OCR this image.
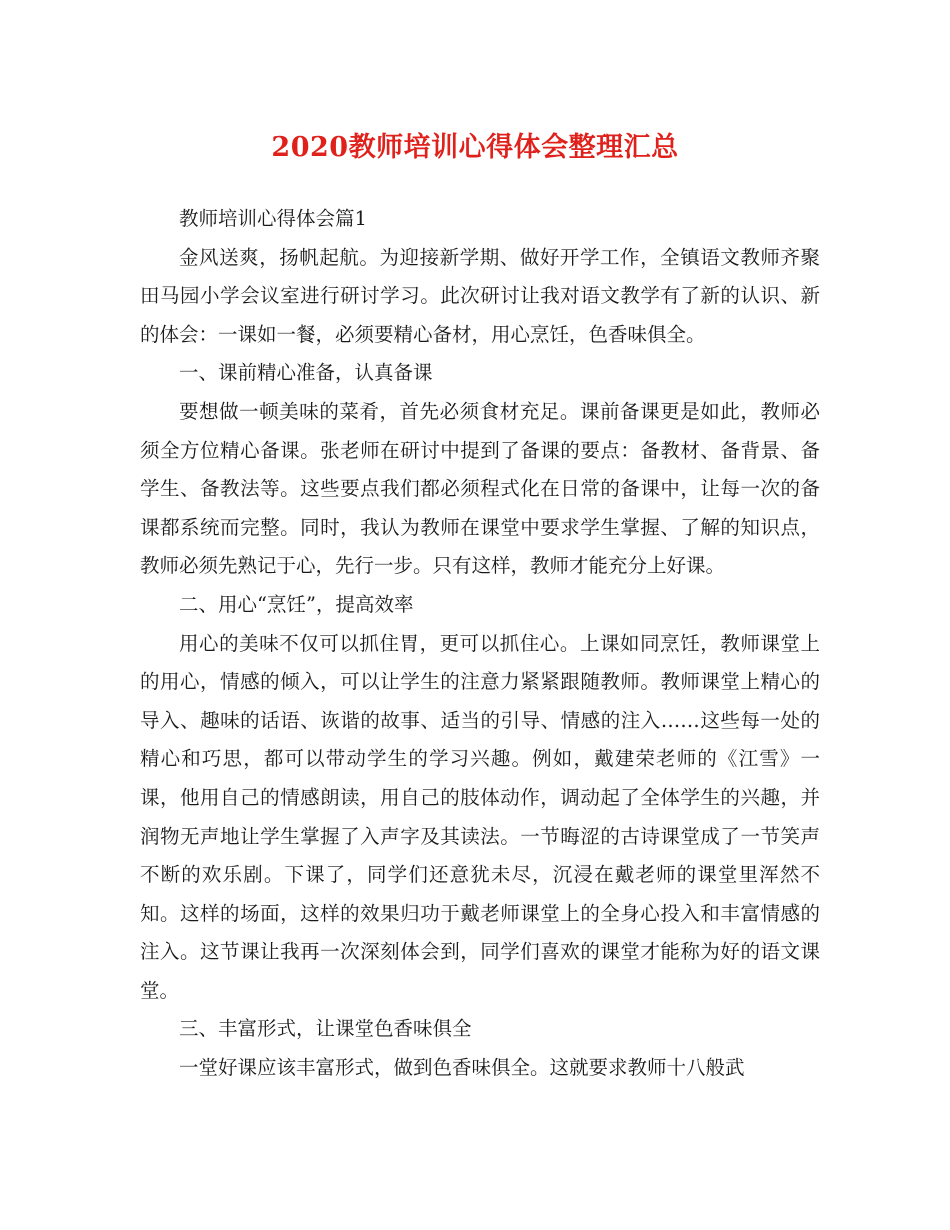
2020教师培训心得体会整理汇总

教师培训心得体会篇1

金风送爽，扬帆起航。为迎接新学期、做好开学工作，全镇语文教师齐聚田马园小学会议室进行研讨学习。此次研讨让我对语文教学有了新的认识、新的体会：一课如一餐，必须要精心备材，用心烹饪，色香味俱全。

一、课前精心准备，认真备课

要想做一顿美味的菜肴，首先必须食材充足。课前备课更是如此，教师必须全方位精心备课。张老师在研讨中提到了备课的要点：备教材、备背景、备学生、备教法等。这些要点我们都必须程式化在日常的备课中，让每一次的备课都系统而完整。同时，我认为教师在课堂中要求学生掌握、了解的知识点，教师必须先熟记于心，先行一步。只有这样，教师才能充分上好课。

二、用心“烹饪”，提高效率

用心的美味不仅可以抓住胃，更可以抓住心。上课如同烹饪，教师课堂上的用心，情感的倾入，可以让学生的注意力紧紧跟随教师。教师课堂上精心的导入、趣味的话语、诙谐的故事、适当的引导、情感的注入……这些每一处的精心和巧思，都可以带动学生的学习兴趣。例如，戴建荣老师的《江雪》一课，他用自己的情感朗读，用自己的肢体动作，调动起了全体学生的兴趣，并润物无声地让学生掌握了入声字及其读法。一节晦涩的古诗课堂成了一节笑声不断的欢乐剧。下课了，同学们还意犹未尽，沉浸在戴老师的课堂里浑然不知。这样的场面，这样的效果归功于戴老师课堂上的全身心投入和丰富情感的注入。这节课让我再一次深刻体会到，同学们喜欢的课堂才能称为好的语文课堂。

三、丰富形式，让课堂色香味俱全

一堂好课应该丰富形式，做到色香味俱全。这就要求教师十八般武
